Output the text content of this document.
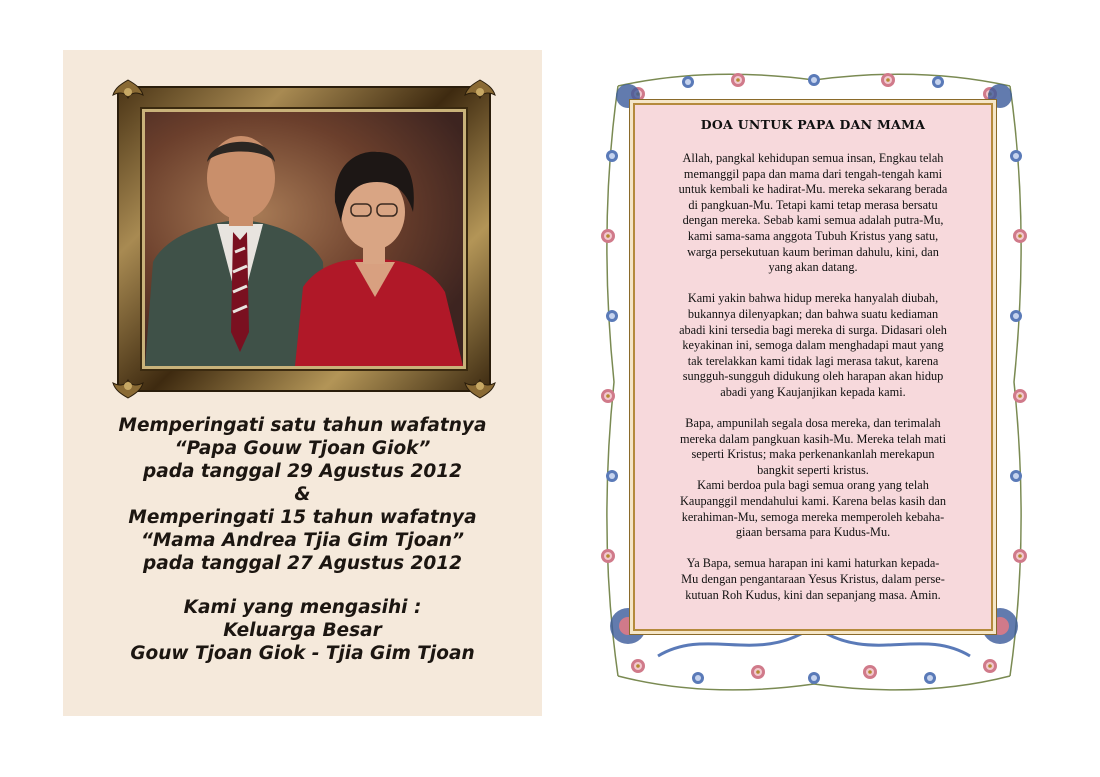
Memperingati satu tahun wafatnya
“Papa Gouw Tjoan Giok”
pada tanggal 29 Agustus 2012
&
Memperingati 15 tahun wafatnya
“Mama Andrea Tjia Gim Tjoan”
pada tanggal 27 Agustus 2012
Kami yang mengasihi :
Keluarga Besar
Gouw Tjoan Giok - Tjia Gim Tjoan
DOA UNTUK PAPA DAN MAMA
Allah, pangkal kehidupan semua insan, Engkau telah
memanggil papa dan mama dari tengah-tengah kami
untuk kembali ke hadirat-Mu. mereka sekarang berada
di pangkuan-Mu. Tetapi kami tetap merasa bersatu
dengan mereka. Sebab kami semua adalah putra-Mu,
kami sama-sama anggota Tubuh Kristus yang satu,
warga persekutuan kaum beriman dahulu, kini, dan
yang akan datang.
Kami yakin bahwa hidup mereka hanyalah diubah,
bukannya dilenyapkan; dan bahwa suatu kediaman
abadi kini tersedia bagi mereka di surga. Didasari oleh
keyakinan ini, semoga dalam menghadapi maut yang
tak terelakkan kami tidak lagi merasa takut, karena
sungguh-sungguh didukung oleh harapan akan hidup
abadi yang Kaujanjikan kepada kami.
Bapa, ampunilah segala dosa mereka, dan terimalah
mereka dalam pangkuan kasih-Mu. Mereka telah mati
seperti Kristus; maka perkenankanlah merekapun
bangkit seperti kristus.
Kami berdoa pula bagi semua orang yang telah
Kaupanggil mendahului kami. Karena belas kasih dan
kerahiman-Mu, semoga mereka memperoleh kebaha-
giaan bersama para Kudus-Mu.
Ya Bapa, semua harapan ini kami haturkan kepada-
Mu dengan pengantaraan Yesus Kristus, dalam perse-
kutuan Roh Kudus, kini dan sepanjang masa. Amin.
